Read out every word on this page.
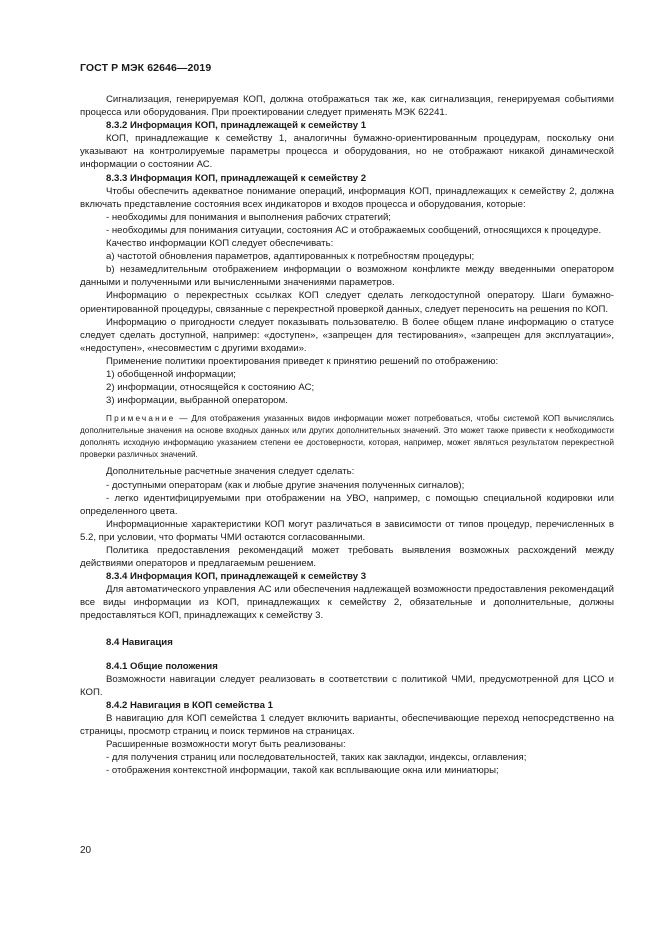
ГОСТ Р МЭК 62646—2019

Сигнализация, генерируемая КОП, должна отображаться так же, как сигнализация, генерируемая событиями процесса или оборудования. При проектировании следует применять МЭК 62241.

8.3.2 Информация КОП, принадлежащей к семейству 1

КОП, принадлежащие к семейству 1, аналогичны бумажно-ориентированным процедурам, поскольку они указывают на контролируемые параметры процесса и оборудования, но не отображают никакой динамической информации о состоянии АС.

8.3.3 Информация КОП, принадлежащей к семейству 2

Чтобы обеспечить адекватное понимание операций, информация КОП, принадлежащих к семейству 2, должна включать представление состояния всех индикаторов и входов процесса и оборудования, которые:

- необходимы для понимания и выполнения рабочих стратегий;

- необходимы для понимания ситуации, состояния АС и отображаемых сообщений, относящихся к процедуре.

Качество информации КОП следует обеспечивать:

a) частотой обновления параметров, адаптированных к потребностям процедуры;

b) незамедлительным отображением информации о возможном конфликте между введенными оператором данными и полученными или вычисленными значениями параметров.

Информацию о перекрестных ссылках КОП следует сделать легкодоступной оператору. Шаги бумажно-ориентированной процедуры, связанные с перекрестной проверкой данных, следует переносить на решения по КОП.

Информацию о пригодности следует показывать пользователю. В более общем плане информацию о статусе следует сделать доступной, например: «доступен», «запрещен для тестирования», «запрещен для эксплуатации», «недоступен», «несовместим с другими входами».

Применение политики проектирования приведет к принятию решений по отображению:

1) обобщенной информации;

2) информации, относящейся к состоянию АС;

3) информации, выбранной оператором.

Примечание — Для отображения указанных видов информации может потребоваться, чтобы системой КОП вычислялись дополнительные значения на основе входных данных или других дополнительных значений. Это может также привести к необходимости дополнять исходную информацию указанием степени ее достоверности, которая, например, может являться результатом перекрестной проверки различных значений.

Дополнительные расчетные значения следует сделать:

- доступными операторам (как и любые другие значения полученных сигналов);

- легко идентифицируемыми при отображении на УВО, например, с помощью специальной кодировки или определенного цвета.

Информационные характеристики КОП могут различаться в зависимости от типов процедур, перечисленных в 5.2, при условии, что форматы ЧМИ остаются согласованными.

Политика предоставления рекомендаций может требовать выявления возможных расхождений между действиями операторов и предлагаемым решением.

8.3.4 Информация КОП, принадлежащей к семейству 3

Для автоматического управления АС или обеспечения надлежащей возможности предоставления рекомендаций все виды информации из КОП, принадлежащих к семейству 2, обязательные и дополнительные, должны предоставляться КОП, принадлежащих к семейству 3.

8.4 Навигация

8.4.1 Общие положения

Возможности навигации следует реализовать в соответствии с политикой ЧМИ, предусмотренной для ЦСО и КОП.

8.4.2 Навигация в КОП семейства 1

В навигацию для КОП семейства 1 следует включить варианты, обеспечивающие переход непосредственно на страницы, просмотр страниц и поиск терминов на страницах.

Расширенные возможности могут быть реализованы:

- для получения страниц или последовательностей, таких как закладки, индексы, оглавления;

- отображения контекстной информации, такой как всплывающие окна или миниатюры;

20
